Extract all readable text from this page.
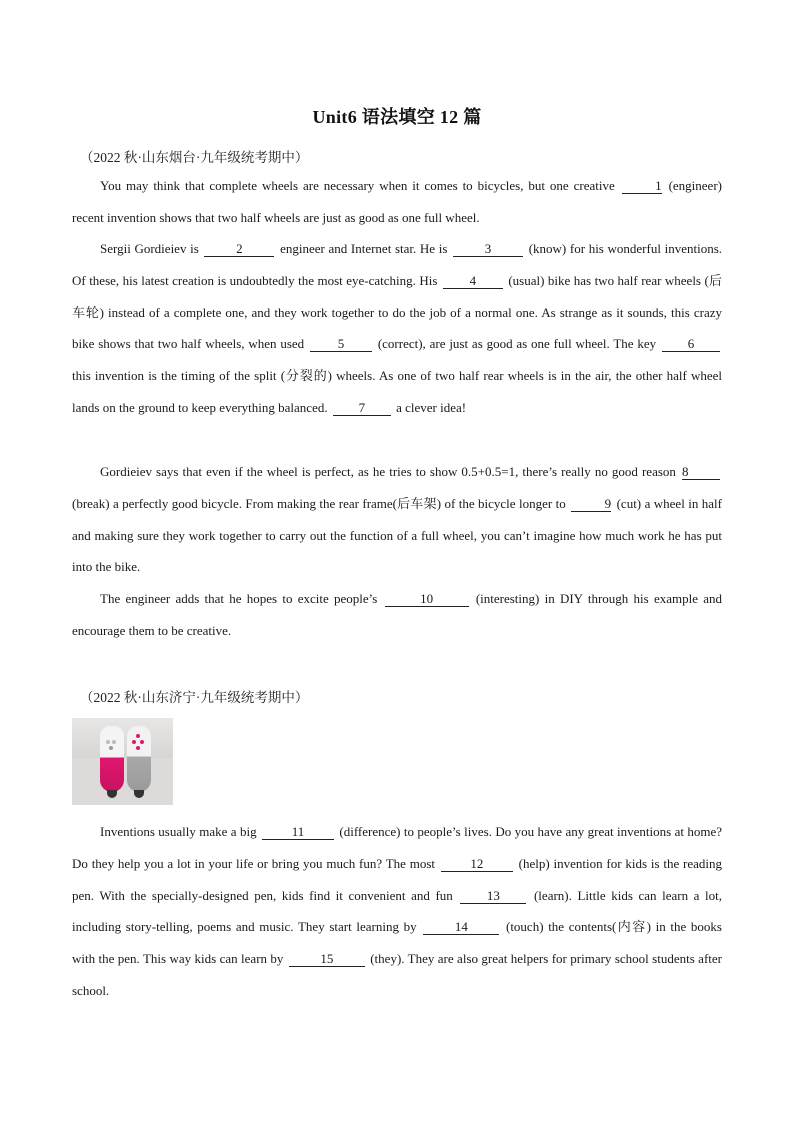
Unit6 语法填空 12 篇
（2022 秋·山东烟台·九年级统考期中）
You may think that complete wheels are necessary when it comes to bicycles, but one creative	1 (engineer) recent invention shows that two half wheels are just as good as one full wheel.
Sergii Gordieiev is	2	engineer and Internet star. He is	3	(know) for his wonderful inventions. Of these, his latest creation is undoubtedly the most eye-catching. His 4 (usual) bike has two half rear wheels (后车轮) instead of a complete one, and they work together to do the job of a normal one. As strange as it sounds, this crazy bike shows that two half wheels, when used 5 (correct), are just as good as one full wheel. The key 6 this invention is the timing of the split (分裂的) wheels. As one of two half rear wheels is in the air, the other half wheel lands on the ground to keep everything balanced. 7 a clever idea!
Gordieiev says that even if the wheel is perfect, as he tries to show 0.5+0.5=1, there’s really no good reason 8 (break) a perfectly good bicycle. From making the rear frame(后车架) of the bicycle longer to	9 (cut) a wheel in half and making sure they work together to carry out the function of a full wheel, you can’t imagine how much work he has put into the bike.
The engineer adds that he hopes to excite people’s	10	(interesting) in DIY through his example and encourage them to be creative.
（2022 秋·山东济宁·九年级统考期中）
Inventions usually make a big 11 (difference) to people’s lives. Do you have any great inventions at home? Do they help you a lot in your life or bring you much fun? The most 12 (help) invention for kids is the reading pen. With the specially-designed pen, kids find it convenient and fun 13 (learn). Little kids can learn a lot, including story-telling, poems and music. They start learning by	14	(touch) the contents(内容) in the books with the pen. This way kids can learn by	15	(they). They are also great helpers for primary school students after school.
